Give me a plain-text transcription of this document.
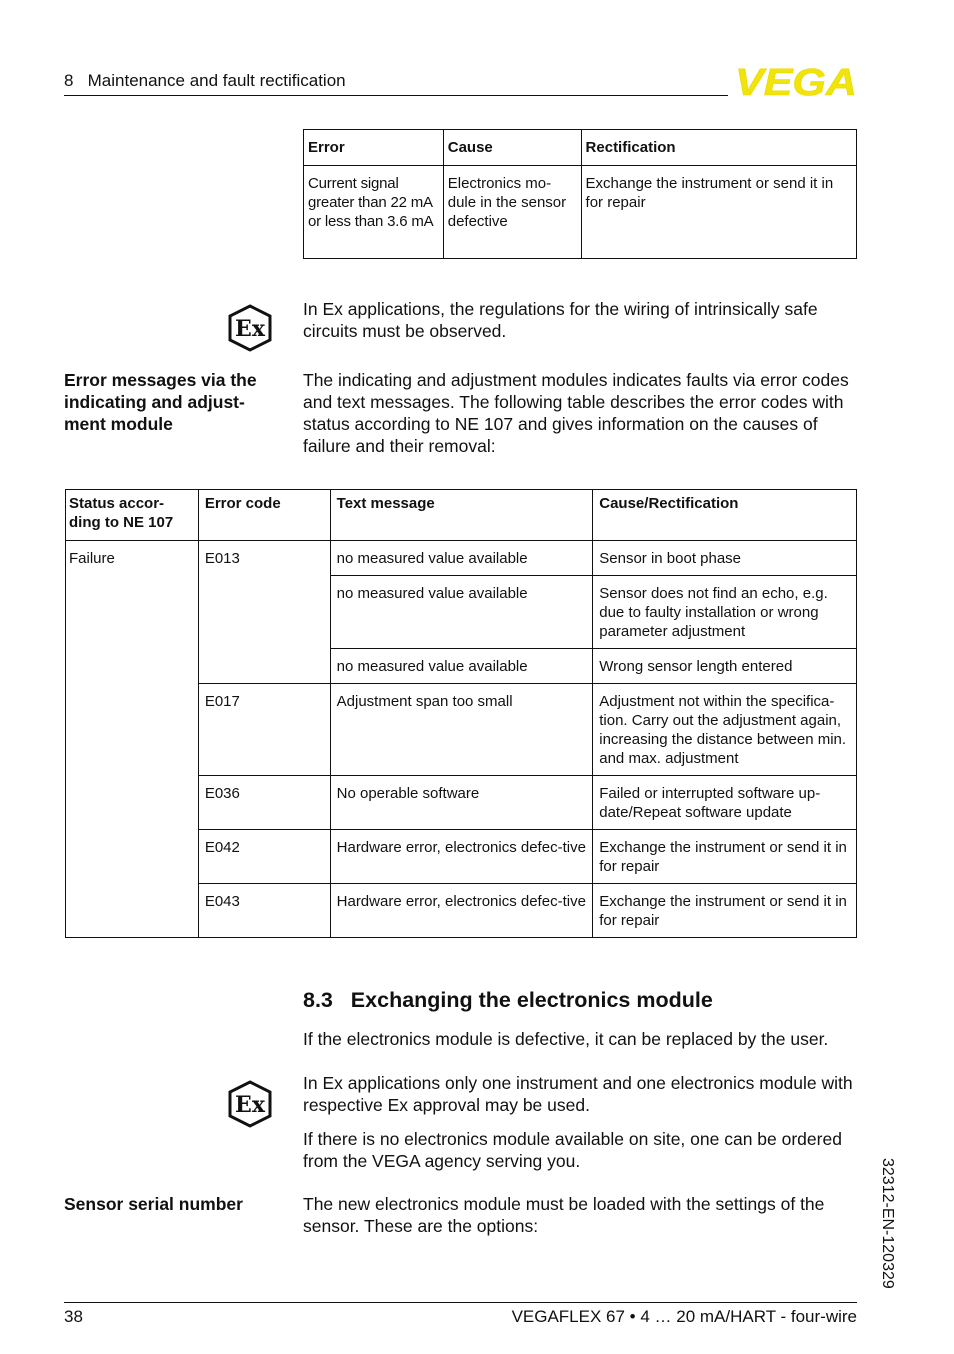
8   Maintenance and fault rectification	VEGA
Error	Cause	Rectification
Current signal greater than 22 mA or less than 3.6 mA	Electronics mo-dule in the sensor defective	Exchange the instrument or send it in for repair
Ex
In Ex applications, the regulations for the wiring of intrinsically safe circuits must be observed.
Error messages via the indicating and adjust-ment module
The indicating and adjustment modules indicates faults via error codes and text messages. The following table describes the error codes with status according to NE 107 and gives information on the causes of failure and their removal:
Status accor-ding to NE 107	Error code	Text message	Cause/Rectification
Failure	E013	no measured value available	Sensor in boot phase
		no measured value available	Sensor does not find an echo, e.g. due to faulty installation or wrong parameter adjustment
		no measured value available	Wrong sensor length entered
	E017	Adjustment span too small	Adjustment not within the specifica-tion. Carry out the adjustment again, increasing the distance between min. and max. adjustment
	E036	No operable software	Failed or interrupted software up-date/Repeat software update
	E042	Hardware error, electronics defec-tive	Exchange the instrument or send it in for repair
	E043	Hardware error, electronics defec-tive	Exchange the instrument or send it in for repair
8.3   Exchanging the electronics module
If the electronics module is defective, it can be replaced by the user.
Ex
In Ex applications only one instrument and one electronics module with respective Ex approval may be used.
If there is no electronics module available on site, one can be ordered from the VEGA agency serving you.
Sensor serial number	The new electronics module must be loaded with the settings of the sensor. These are the options:	32312-EN-120329
38	VEGAFLEX 67 • 4 … 20 mA/HART - four-wire
